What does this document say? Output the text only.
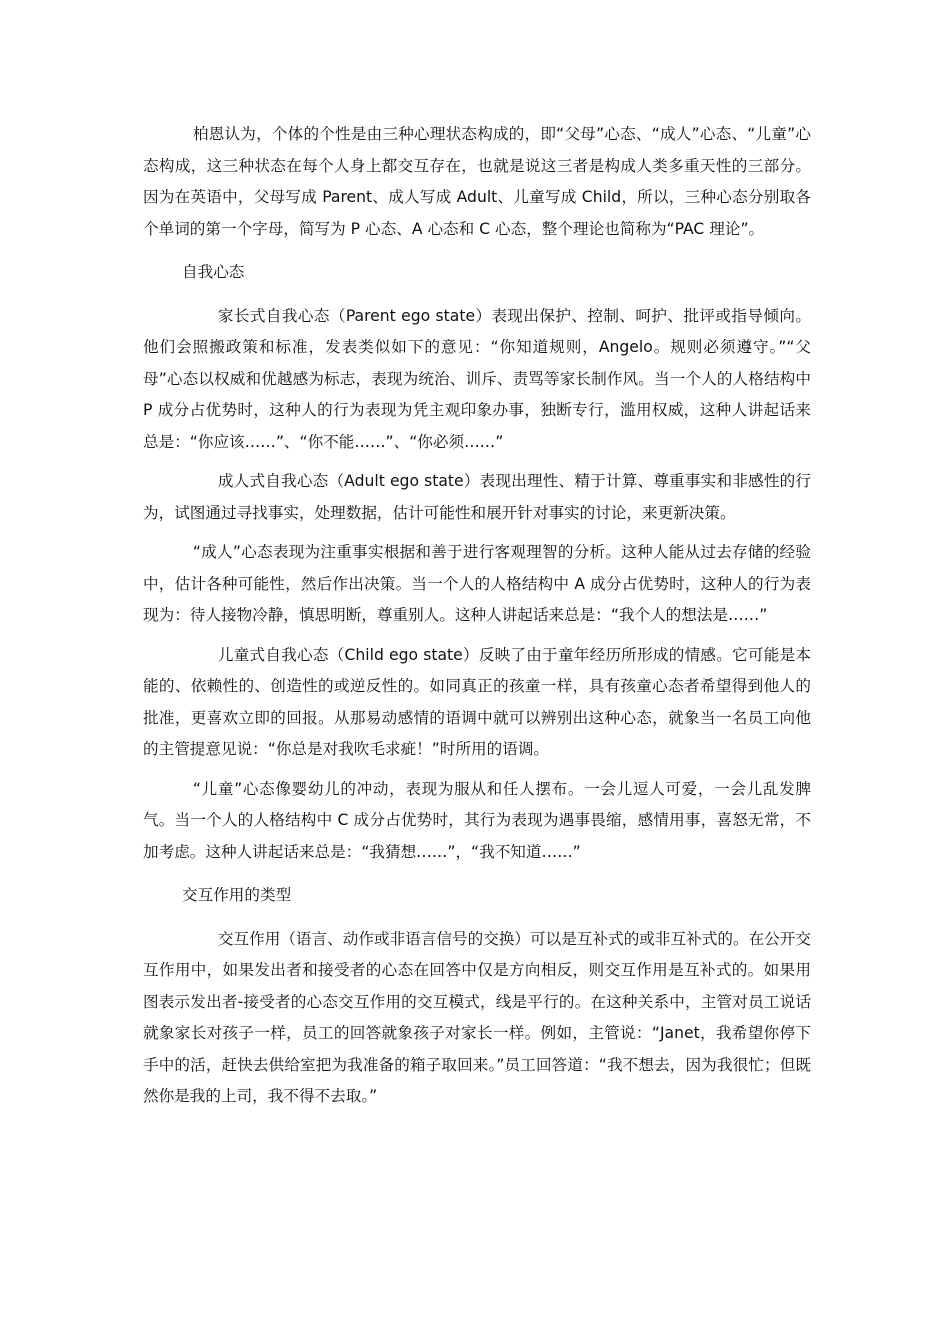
柏恩认为，个体的个性是由三种心理状态构成的，即“父母”心态、“成人”心态、“儿童”心态构成，这三种状态在每个人身上都交互存在，也就是说这三者是构成人类多重天性的三部分。因为在英语中，父母写成 Parent、成人写成 Adult、儿童写成 Child，所以，三种心态分别取各个单词的第一个字母，简写为 P 心态、A 心态和 C 心态，整个理论也简称为“PAC 理论”。

自我心态

家长式自我心态（Parent ego state）表现出保护、控制、呵护、批评或指导倾向。他们会照搬政策和标准，发表类似如下的意见：“你知道规则，Angelo。规则必须遵守。”“父母”心态以权威和优越感为标志，表现为统治、训斥、责骂等家长制作风。当一个人的人格结构中 P 成分占优势时，这种人的行为表现为凭主观印象办事，独断专行，滥用权威，这种人讲起话来总是：“你应该……”、“你不能……”、“你必须……”

成人式自我心态（Adult ego state）表现出理性、精于计算、尊重事实和非感性的行为，试图通过寻找事实，处理数据，估计可能性和展开针对事实的讨论，来更新决策。

“成人”心态表现为注重事实根据和善于进行客观理智的分析。这种人能从过去存储的经验中，估计各种可能性，然后作出决策。当一个人的人格结构中 A 成分占优势时，这种人的行为表现为：待人接物冷静，慎思明断，尊重别人。这种人讲起话来总是：“我个人的想法是……”

儿童式自我心态（Child ego state）反映了由于童年经历所形成的情感。它可能是本能的、依赖性的、创造性的或逆反性的。如同真正的孩童一样，具有孩童心态者希望得到他人的批准，更喜欢立即的回报。从那易动感情的语调中就可以辨别出这种心态，就象当一名员工向他的主管提意见说：“你总是对我吹毛求疵！”时所用的语调。

“儿童”心态像婴幼儿的冲动，表现为服从和任人摆布。一会儿逗人可爱，一会儿乱发脾气。当一个人的人格结构中 C 成分占优势时，其行为表现为遇事畏缩，感情用事，喜怒无常，不加考虑。这种人讲起话来总是：“我猜想……”，“我不知道……”

交互作用的类型

交互作用（语言、动作或非语言信号的交换）可以是互补式的或非互补式的。在公开交互作用中，如果发出者和接受者的心态在回答中仅是方向相反，则交互作用是互补式的。如果用图表示发出者-接受者的心态交互作用的交互模式，线是平行的。在这种关系中，主管对员工说话就象家长对孩子一样，员工的回答就象孩子对家长一样。例如，主管说：“Janet，我希望你停下手中的活，赶快去供给室把为我准备的箱子取回来。”员工回答道：“我不想去，因为我很忙；但既然你是我的上司，我不得不去取。”
